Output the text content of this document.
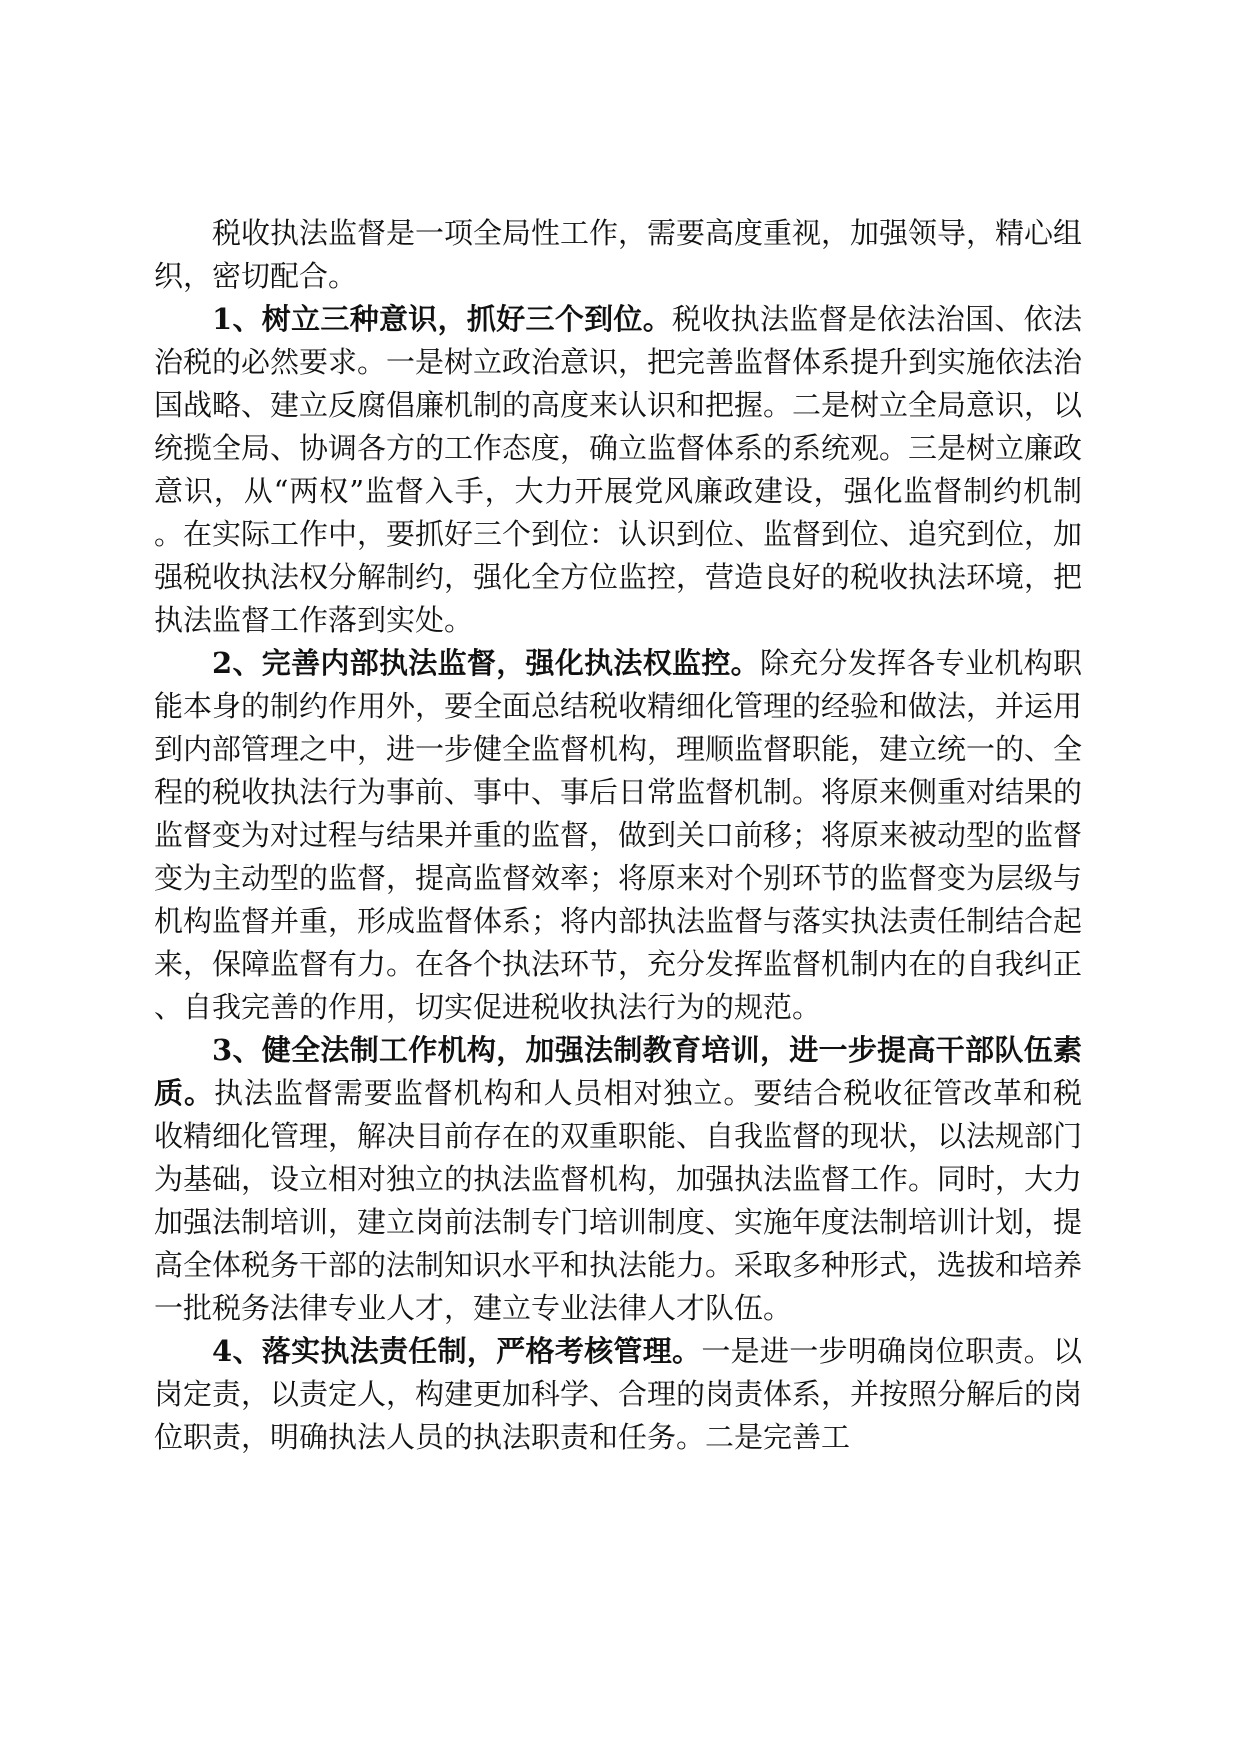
税收执法监督是一项全局性工作，需要高度重视，加强领导，精心组织，密切配合。

1、树立三种意识，抓好三个到位。税收执法监督是依法治国、依法治税的必然要求。一是树立政治意识，把完善监督体系提升到实施依法治国战略、建立反腐倡廉机制的高度来认识和把握。二是树立全局意识，以统揽全局、协调各方的工作态度，确立监督体系的系统观。三是树立廉政意识，从“两权”监督入手，大力开展党风廉政建设，强化监督制约机制。在实际工作中，要抓好三个到位：认识到位、监督到位、追究到位，加强税收执法权分解制约，强化全方位监控，营造良好的税收执法环境，把执法监督工作落到实处。

2、完善内部执法监督，强化执法权监控。除充分发挥各专业机构职能本身的制约作用外，要全面总结税收精细化管理的经验和做法，并运用到内部管理之中，进一步健全监督机构，理顺监督职能，建立统一的、全程的税收执法行为事前、事中、事后日常监督机制。将原来侧重对结果的监督变为对过程与结果并重的监督，做到关口前移；将原来被动型的监督变为主动型的监督，提高监督效率；将原来对个别环节的监督变为层级与机构监督并重，形成监督体系；将内部执法监督与落实执法责任制结合起来，保障监督有力。在各个执法环节，充分发挥监督机制内在的自我纠正、自我完善的作用，切实促进税收执法行为的规范。

3、健全法制工作机构，加强法制教育培训，进一步提高干部队伍素质。执法监督需要监督机构和人员相对独立。要结合税收征管改革和税收精细化管理，解决目前存在的双重职能、自我监督的现状，以法规部门为基础，设立相对独立的执法监督机构，加强执法监督工作。同时，大力加强法制培训，建立岗前法制专门培训制度、实施年度法制培训计划，提高全体税务干部的法制知识水平和执法能力。采取多种形式，选拔和培养一批税务法律专业人才，建立专业法律人才队伍。

4、落实执法责任制，严格考核管理。一是进一步明确岗位职责。以岗定责，以责定人，构建更加科学、合理的岗责体系，并按照分解后的岗位职责，明确执法人员的执法职责和任务。二是完善工
